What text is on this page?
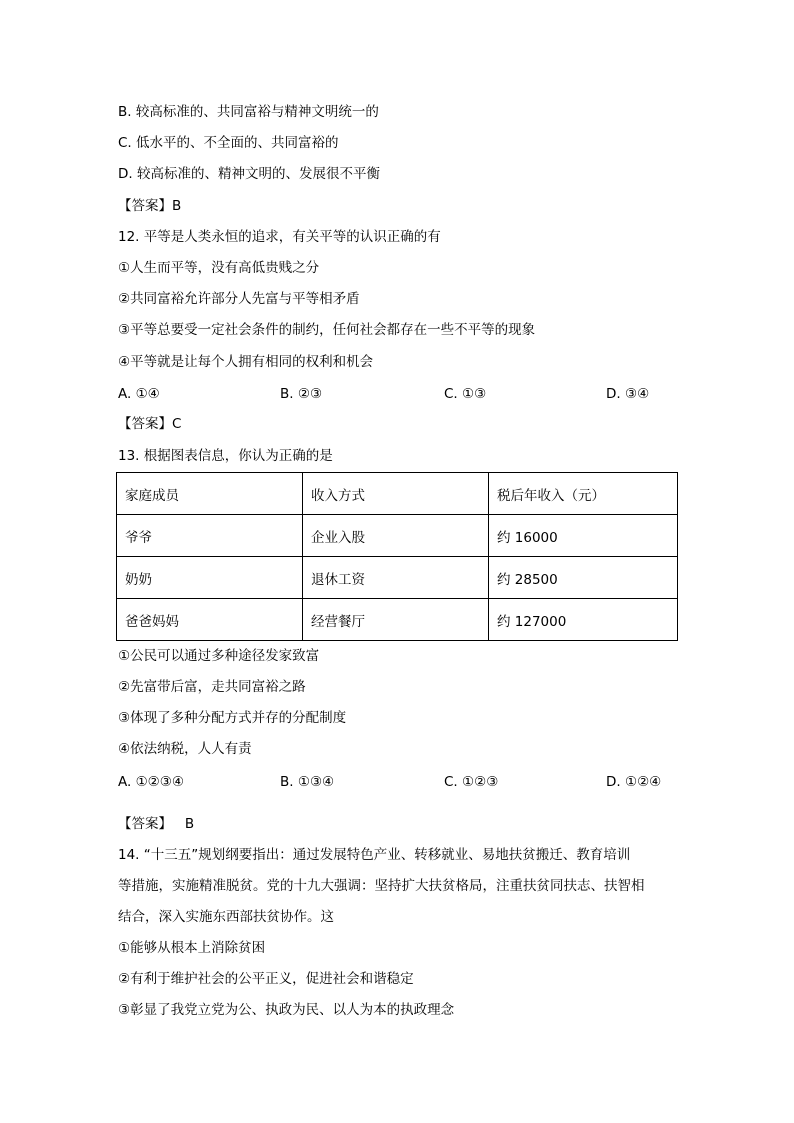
B. 较高标准的、共同富裕与精神文明统一的
C. 低水平的、不全面的、共同富裕的
D. 较高标准的、精神文明的、发展很不平衡
【答案】B
12. 平等是人类永恒的追求，有关平等的认识正确的有
①人生而平等，没有高低贵贱之分
②共同富裕允许部分人先富与平等相矛盾
③平等总要受一定社会条件的制约，任何社会都存在一些不平等的现象
④平等就是让每个人拥有相同的权利和机会
A. ①④	B. ②③	C. ①③	D. ③④
【答案】C
13. 根据图表信息，你认为正确的是
家庭成员	收入方式	税后年收入（元）
爷爷	企业入股	约 16000
奶奶	退休工资	约 28500
爸爸妈妈	经营餐厅	约 127000
①公民可以通过多种途径发家致富
②先富带后富，走共同富裕之路
③体现了多种分配方式并存的分配制度
④依法纳税，人人有责
A. ①②③④	B. ①③④	C. ①②③	D. ①②④
【答案】   B
14. “十三五”规划纲要指出：通过发展特色产业、转移就业、易地扶贫搬迁、教育培训
等措施，实施精准脱贫。党的十九大强调：坚持扩大扶贫格局，注重扶贫同扶志、扶智相
结合，深入实施东西部扶贫协作。这
①能够从根本上消除贫困
②有利于维护社会的公平正义，促进社会和谐稳定
③彰显了我党立党为公、执政为民、以人为本的执政理念
